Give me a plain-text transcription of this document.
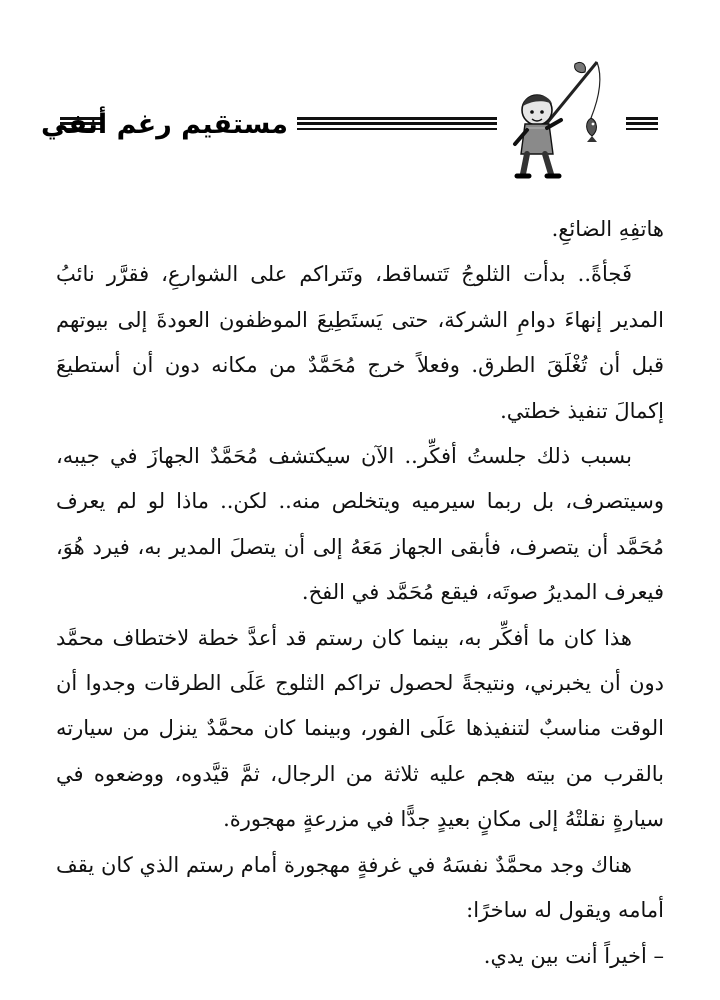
مستقيم رغم أنفي

هاتفِهِ الضائعِ.

فَجأةً.. بدأت الثلوجُ تَتساقط، وتَتراكم على الشوارعِ، فقرَّر نائبُ المدير إنهاءَ دوامِ الشركة، حتى يَستَطِيعَ الموظفون العودةَ إلى بيوتهم قبل أن تُغْلَقَ الطرق. وفعلاً خرج مُحَمَّدٌ من مكانه دون أن أستطيعَ إكمالَ تنفيذ خطتي.

بسبب ذلك جلستُ أفكِّر.. الآن سيكتشف مُحَمَّدٌ الجهازَ في جيبه، وسيتصرف، بل ربما سيرميه ويتخلص منه.. لكن.. ماذا لو لم يعرف مُحَمَّد أن يتصرف، فأبقى الجهاز مَعَهُ إلى أن يتصلَ المدير به، فيرد هُوَ، فيعرف المديرُ صوتَه، فيقع مُحَمَّد في الفخ.

هذا كان ما أفكِّر به، بينما كان رستم قد أعدَّ خطة لاختطاف محمَّد دون أن يخبرني، ونتيجةً لحصول تراكم الثلوج عَلَى الطرقات وجدوا أن الوقت مناسبٌ لتنفيذها عَلَى الفور، وبينما كان محمَّدٌ ينزل من سيارته بالقرب من بيته هجم عليه ثلاثة من الرجال، ثمَّ قيَّدوه، ووضعوه في سيارةٍ نقلتْهُ إلى مكانٍ بعيدٍ جدًّا في مزرعةٍ مهجورة.

هناك وجد محمَّدٌ نفسَهُ في غرفةٍ مهجورة أمام رستم الذي كان يقف أمامه ويقول له ساخرًا:

– أخيراً أنت بين يدي.
